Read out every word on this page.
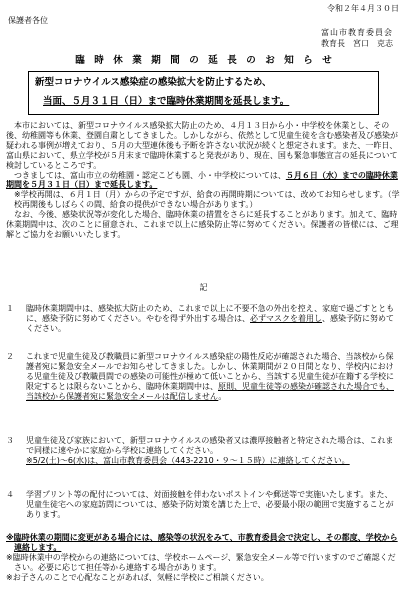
令和２年４月３０日
保護者各位
富山市教育委員会
教育長　宮口　克志
臨　時　休　業　期　間　の　延　長　の　お　知　ら　せ
新型コロナウイルス感染症の感染拡大を防止するため、
当面、５月３１日（日）まで臨時休業期間を延長します。

本市においては、新型コロナウイルス感染拡大防止のため、４月１３日から小・中学校を休業とし、その後、幼稚園等も休業、登園自粛としてきました。しかしながら、依然として児童生徒を含む感染者及び感染が疑われる事例が増えており、５月の大型連休後も予断を許さない状況が続くと想定されます。また、一昨日、富山県において、県立学校が５月末まで臨時休業すると発表があり、現在、国も緊急事態宣言の延長について検討しているところです。

つきましては、富山市立の幼稚園・認定こども園、小・中学校については、５月６日（水）までの臨時休業期間を５月３１日（日）まで延長します。

※学校再開は、６月１日（月）からの予定ですが、給食の再開時期については、改めてお知らせします。（学校再開後もしばらくの間、給食の提供ができない場合があります。）

なお、今後、感染状況等が変化した場合、臨時休業の措置をさらに延長することがあります。加えて、臨時休業期間中は、次のことに留意され、これまで以上に感染防止等に努めてください。保護者の皆様には、ご理解とご協力をお願いいたします。

記
１	臨時休業期間中は、感染拡大防止のため、これまで以上に不要不急の外出を控え、家庭で過ごすとともに、感染予防に努めてください。やむを得ず外出する場合は、必ずマスクを着用し、感染予防に努めてください。

２	これまで児童生徒及び教職員に新型コロナウイルス感染症の陽性反応が確認された場合、当該校から保護者宛に緊急安全メールでお知らせしてきました。しかし、休業期間が２０日間となり、学校内における児童生徒及び教職員間での感染の可能性が極めて低いことから、当該する児童生徒が在籍する学校に限定するとは限らないことから、臨時休業期間中は、原則、児童生徒等の感染が確認された場合でも、当該校から保護者宛に緊急安全メールは配信しません。

３	児童生徒及び家族において、新型コロナウイルスの感染者又は濃厚接触者と特定された場合は、これまで同様に速やかに家庭から学校に連絡してください。
※5/2(土)～6(水)は、富山市教育委員会（443-2210・９～１５時）に連絡してください。

４	学習プリント等の配付については、対面接触を伴わないポストインや郵送等で実施いたします。また、児童生徒宅への家庭訪問については、感染予防対策を講じた上で、必要最小限の範囲で実施することがあります。

※臨時休業の期間に変更がある場合には、感染等の状況をみて、市教育委員会で決定し、その都度、学校から連絡します。

※臨時休業中の学校からの連絡については、学校ホームページ、緊急安全メール等で行いますのでご確認ください。必要に応じて担任等から連絡する場合があります。

※お子さんのことで心配なことがあれば、気軽に学校にご相談ください。
